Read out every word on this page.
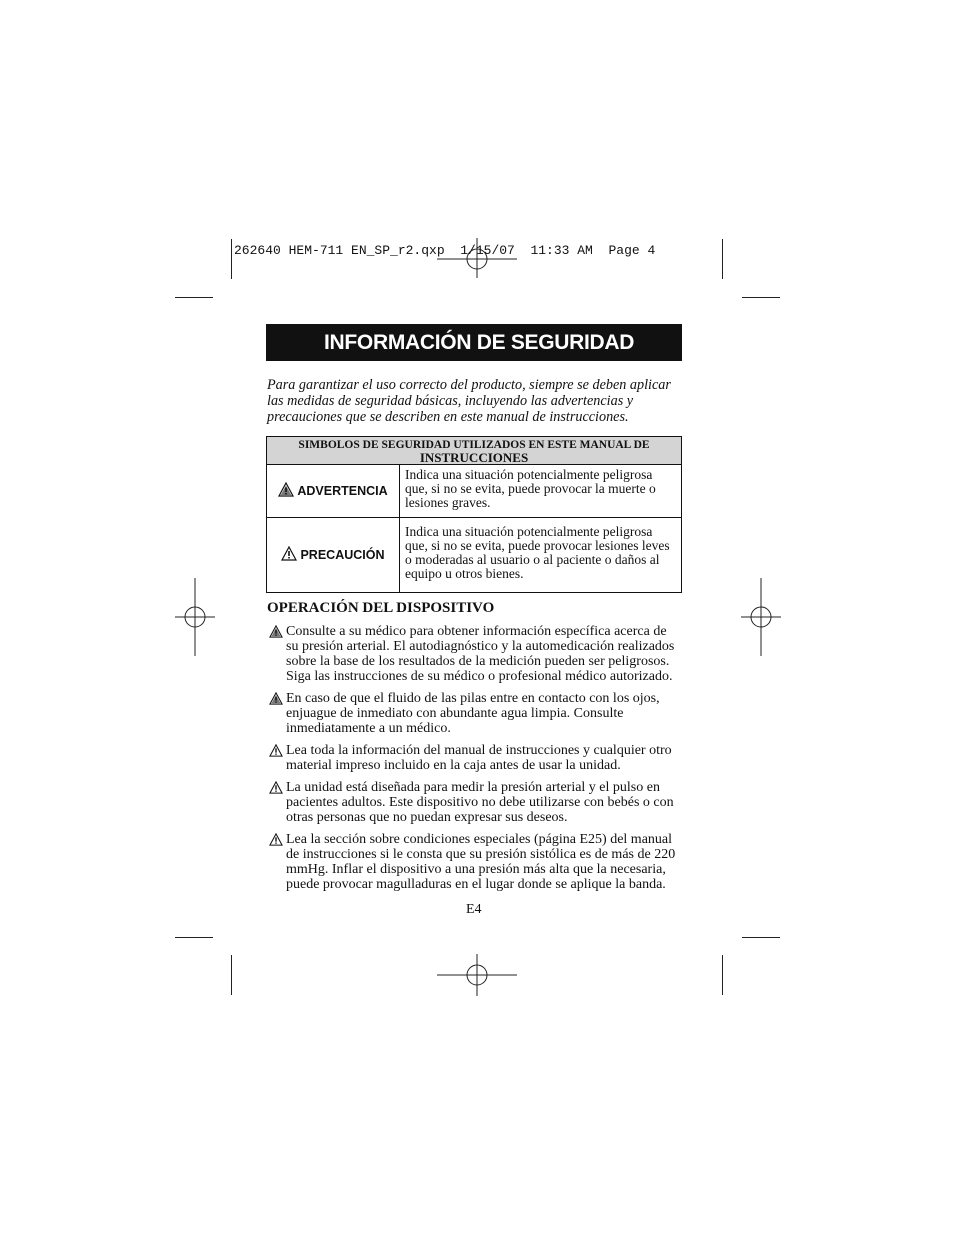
262640 HEM-711 EN_SP_r2.qxp  1/15/07  11:33 AM  Page 4
INFORMACIÓN DE SEGURIDAD

Para garantizar el uso correcto del producto, siempre se deben aplicar las medidas de seguridad básicas, incluyendo las advertencias y precauciones que se describen en este manual de instrucciones.

SIMBOLOS DE SEGURIDAD UTILIZADOS EN ESTE MANUAL DE
INSTRUCCIONES
ADVERTENCIA
Indica una situación potencialmente peligrosa que, si no se evita, puede provocar la muerte o lesiones graves.
PRECAUCIÓN
Indica una situación potencialmente peligrosa que, si no se evita, puede provocar lesiones leves o moderadas al usuario o al paciente o daños al equipo u otros bienes.
OPERACIÓN DEL DISPOSITIVO
Consulte a su médico para obtener información específica acerca de su presión arterial. El autodiagnóstico y la automedicación realizados sobre la base de los resultados de la medición pueden ser peligrosos. Siga las instrucciones de su médico o profesional médico autorizado.
En caso de que el fluido de las pilas entre en contacto con los ojos, enjuague de inmediato con abundante agua limpia. Consulte inmediatamente a un médico.
Lea toda la información del manual de instrucciones y cualquier otro material impreso incluido en la caja antes de usar la unidad.
La unidad está diseñada para medir la presión arterial y el pulso en pacientes adultos. Este dispositivo no debe utilizarse con bebés o con otras personas que no puedan expresar sus deseos.
Lea la sección sobre condiciones especiales (página E25) del manual de instrucciones si le consta que su presión sistólica es de más de 220 mmHg. Inflar el dispositivo a una presión más alta que la necesaria, puede provocar magulladuras en el lugar donde se aplique la banda.
E4
